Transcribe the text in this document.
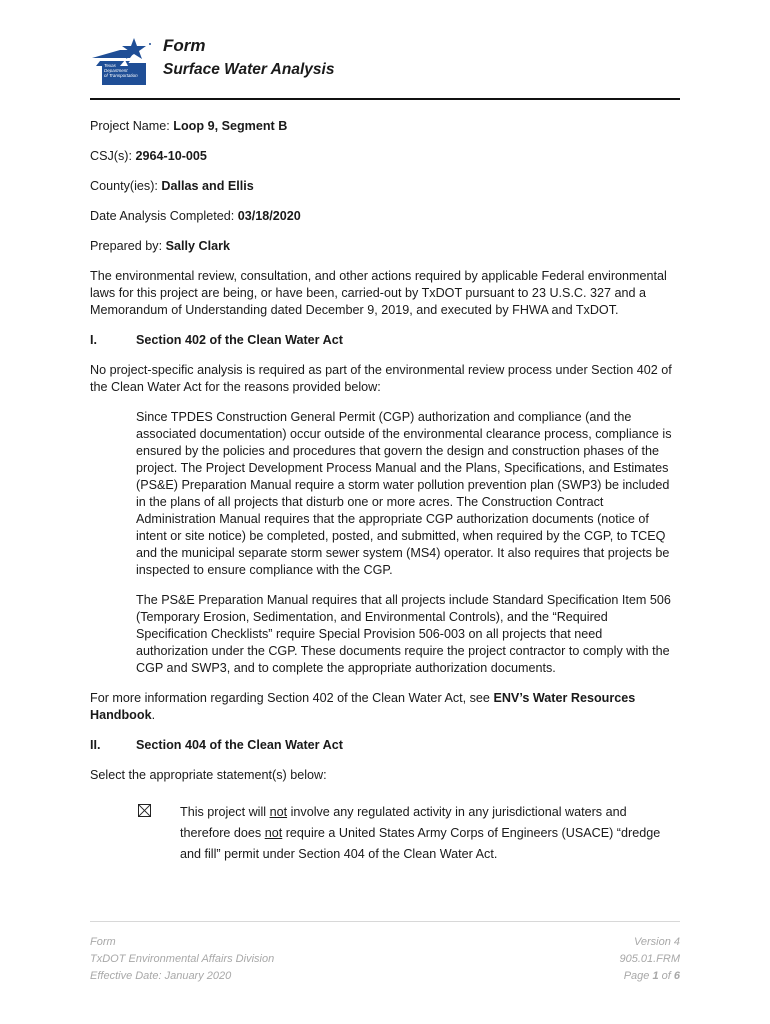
Texas
Department
of Transportation
Form
Surface Water Analysis
Project Name: Loop 9, Segment B
CSJ(s): 2964-10-005
County(ies): Dallas and Ellis
Date Analysis Completed: 03/18/2020
Prepared by: Sally Clark

The environmental review, consultation, and other actions required by applicable Federal environmental laws for this project are being, or have been, carried-out by TxDOT pursuant to 23 U.S.C. 327 and a Memorandum of Understanding dated December 9, 2019, and executed by FHWA and TxDOT.

I.	Section 402 of the Clean Water Act

No project-specific analysis is required as part of the environmental review process under Section 402 of the Clean Water Act for the reasons provided below:

Since TPDES Construction General Permit (CGP) authorization and compliance (and the associated documentation) occur outside of the environmental clearance process, compliance is ensured by the policies and procedures that govern the design and construction phases of the project. The Project Development Process Manual and the Plans, Specifications, and Estimates (PS&E) Preparation Manual require a storm water pollution prevention plan (SWP3) be included in the plans of all projects that disturb one or more acres. The Construction Contract Administration Manual requires that the appropriate CGP authorization documents (notice of intent or site notice) be completed, posted, and submitted, when required by the CGP, to TCEQ and the municipal separate storm sewer system (MS4) operator. It also requires that projects be inspected to ensure compliance with the CGP.

The PS&E Preparation Manual requires that all projects include Standard Specification Item 506 (Temporary Erosion, Sedimentation, and Environmental Controls), and the “Required Specification Checklists” require Special Provision 506-003 on all projects that need authorization under the CGP. These documents require the project contractor to comply with the CGP and SWP3, and to complete the appropriate authorization documents.

For more information regarding Section 402 of the Clean Water Act, see ENV’s Water Resources Handbook.

II.	Section 404 of the Clean Water Act

Select the appropriate statement(s) below:

This project will not involve any regulated activity in any jurisdictional waters and therefore does not require a United States Army Corps of Engineers (USACE) “dredge and fill” permit under Section 404 of the Clean Water Act.
Form
TxDOT Environmental Affairs Division
Effective Date: January 2020
Version 4
905.01.FRM
Page 1 of 6
